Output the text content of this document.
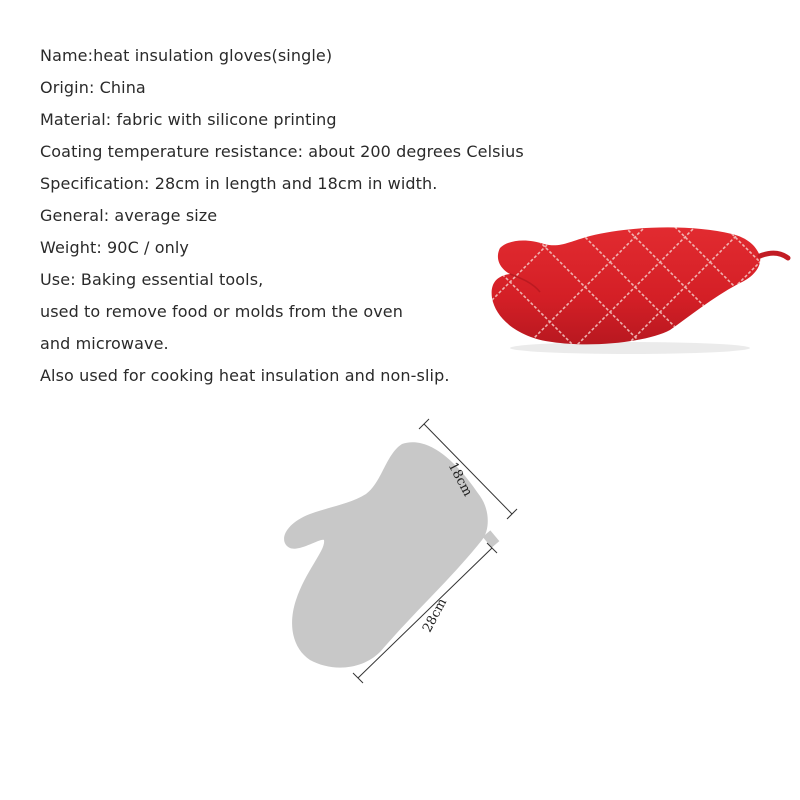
Name:heat insulation gloves(single)
Origin: China
Material: fabric with silicone printing
Coating temperature resistance: about 200 degrees Celsius
Specification: 28cm in length and 18cm in width.
General: average size
Weight: 90C / only
Use: Baking essential tools,
used to remove food or molds from the oven
and microwave.
Also used for cooking heat insulation and non-slip.
18cm
28cm
